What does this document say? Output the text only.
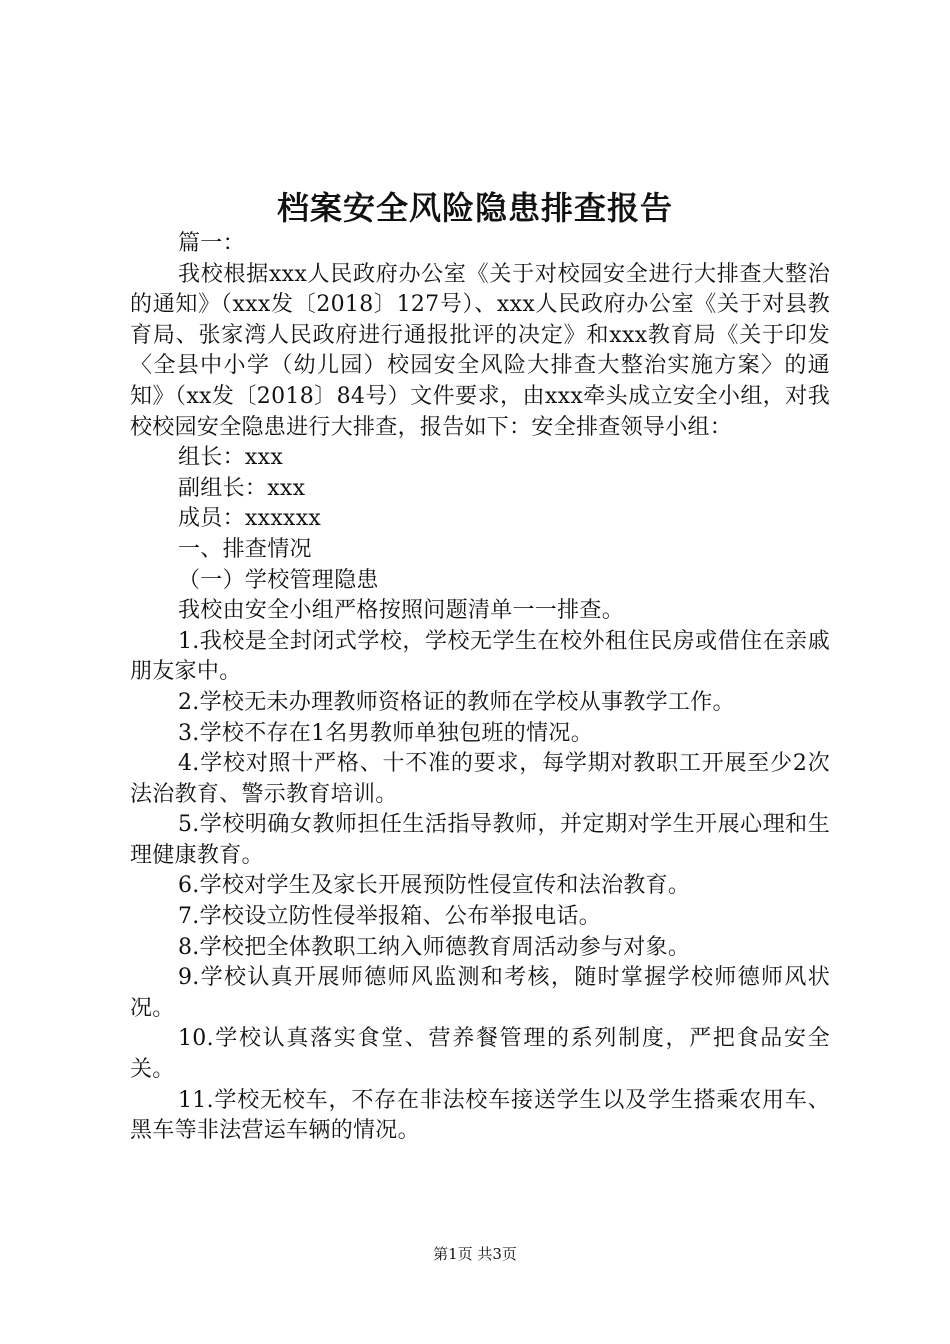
档案安全风险隐患排查报告

篇一：

我校根据xxx人民政府办公室《关于对校园安全进行大排查大整治的通知》（xxx发〔2018〕127号）、xxx人民政府办公室《关于对县教育局、张家湾人民政府进行通报批评的决定》和xxx教育局《关于印发〈全县中小学（幼儿园）校园安全风险大排查大整治实施方案〉的通知》（xx发〔2018〕84号）文件要求，由xxx牵头成立安全小组，对我校校园安全隐患进行大排查，报告如下：安全排查领导小组：

组长：xxx

副组长：xxx

成员：xxxxxx

一、排查情况

（一）学校管理隐患

我校由安全小组严格按照问题清单一一排查。

1.我校是全封闭式学校，学校无学生在校外租住民房或借住在亲戚朋友家中。

2.学校无未办理教师资格证的教师在学校从事教学工作。

3.学校不存在1名男教师单独包班的情况。

4.学校对照十严格、十不准的要求，每学期对教职工开展至少2次法治教育、警示教育培训。

5.学校明确女教师担任生活指导教师，并定期对学生开展心理和生理健康教育。

6.学校对学生及家长开展预防性侵宣传和法治教育。

7.学校设立防性侵举报箱、公布举报电话。

8.学校把全体教职工纳入师德教育周活动参与对象。

9.学校认真开展师德师风监测和考核，随时掌握学校师德师风状况。

10.学校认真落实食堂、营养餐管理的系列制度，严把食品安全关。

11.学校无校车，不存在非法校车接送学生以及学生搭乘农用车、黑车等非法营运车辆的情况。

第1页 共3页
